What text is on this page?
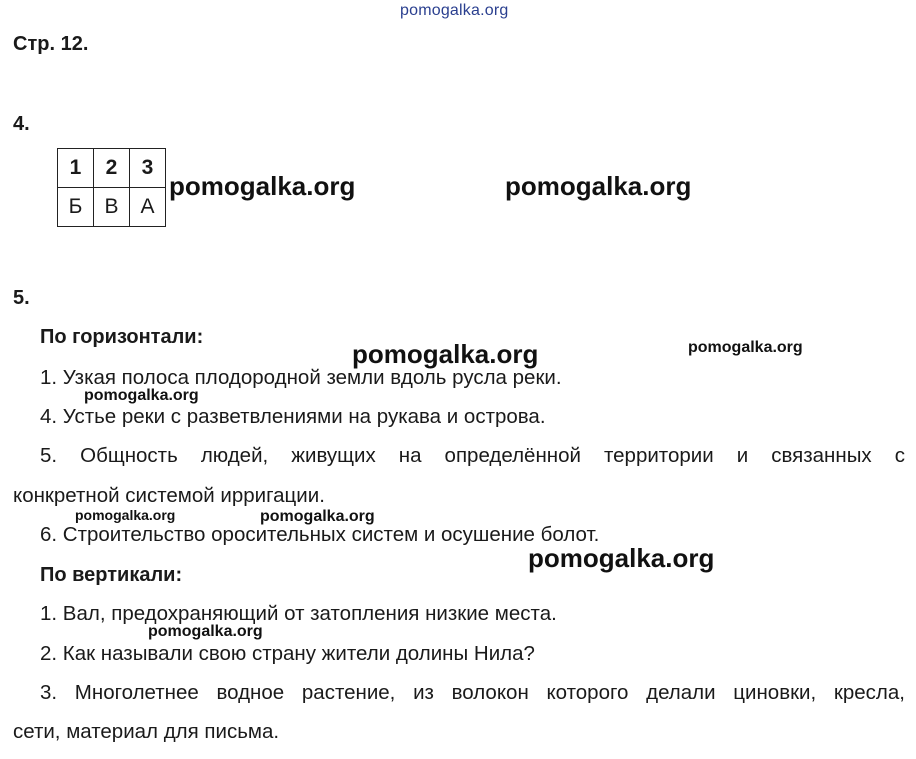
pomogalka.org
Стр. 12.
4.
1	2	3
Б	В	А
pomogalka.org	pomogalka.org
5.
По горизонтали:
pomogalka.org	pomogalka.org
1. Узкая полоса плодородной земли вдоль русла реки.
pomogalka.org
4. Устье реки с разветвлениями на рукава и острова.
5. Общность людей, живущих на определённой территории и связанных с
конкретной системой ирригации.
pomogalka.org	pomogalka.org
6. Строительство оросительных систем и осушение болот.
pomogalka.org
По вертикали:
1. Вал, предохраняющий от затопления низкие места.
pomogalka.org
2. Как называли свою страну жители долины Нила?
3. Многолетнее водное растение, из волокон которого делали циновки, кресла,
сети, материал для письма.
